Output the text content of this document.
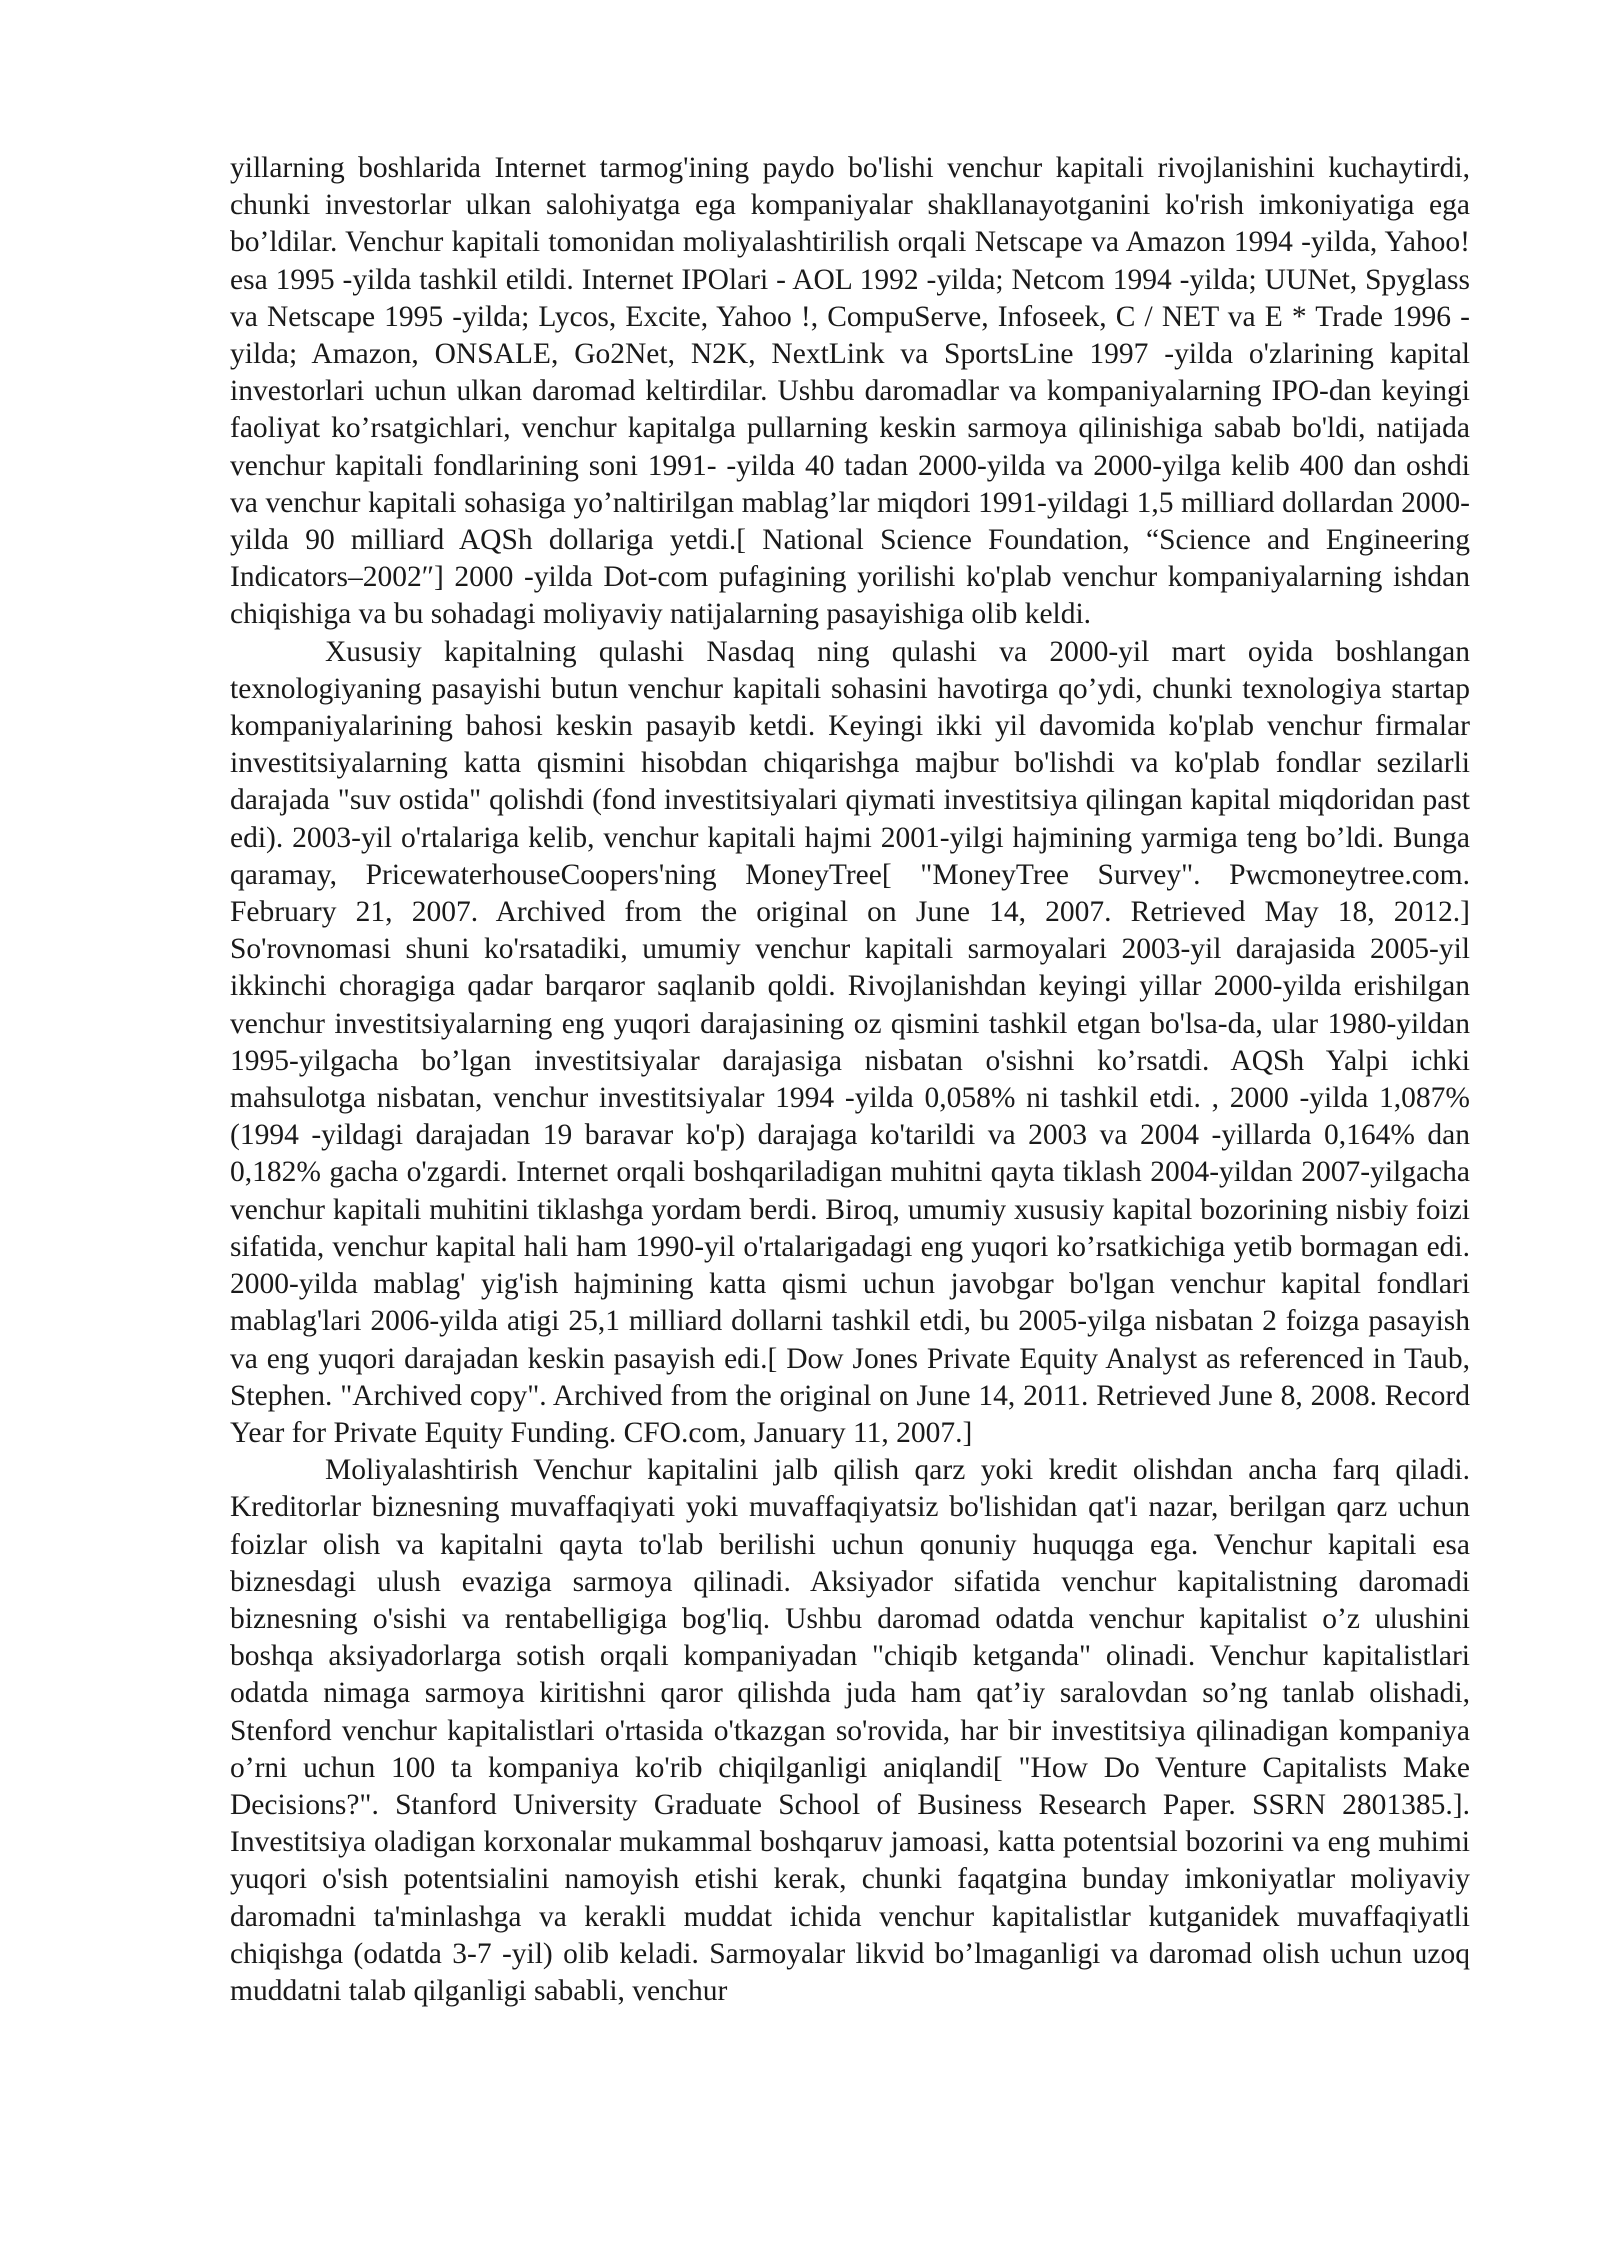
yillarning boshlarida Internet tarmog'ining paydo bo'lishi venchur kapitali rivojlanishini kuchaytirdi, chunki investorlar ulkan salohiyatga ega kompaniyalar shakllanayotganini ko'rish imkoniyatiga ega bo’ldilar. Venchur kapitali tomonidan moliyalashtirilish orqali Netscape va Amazon 1994 -yilda, Yahoo! esa 1995 -yilda tashkil etildi. Internet IPOlari - AOL 1992 -yilda; Netcom 1994 -yilda; UUNet, Spyglass va Netscape 1995 -yilda; Lycos, Excite, Yahoo !, CompuServe, Infoseek, C / NET va E * Trade 1996 -yilda; Amazon, ONSALE, Go2Net, N2K, NextLink va SportsLine 1997 -yilda o'zlarining kapital investorlari uchun ulkan daromad keltirdilar. Ushbu daromadlar va kompaniyalarning IPO-dan keyingi faoliyat ko’rsatgichlari, venchur kapitalga pullarning keskin sarmoya qilinishiga sabab bo'ldi, natijada venchur kapitali fondlarining soni 1991- -yilda 40 tadan 2000-yilda va 2000-yilga kelib 400 dan oshdi va venchur kapitali sohasiga yo’naltirilgan mablag’lar miqdori 1991-yildagi 1,5 milliard dollardan 2000-yilda 90 milliard AQSh dollariga yetdi.[ National Science Foundation, “Science and Engineering Indicators–2002″] 2000 -yilda Dot-com pufagining yorilishi ko'plab venchur kompaniyalarning ishdan chiqishiga va bu sohadagi moliyaviy natijalarning pasayishiga olib keldi.

Xususiy kapitalning qulashi Nasdaq ning qulashi va 2000-yil mart oyida boshlangan texnologiyaning pasayishi butun venchur kapitali sohasini havotirga qo’ydi, chunki texnologiya startap kompaniyalarining bahosi keskin pasayib ketdi. Keyingi ikki yil davomida ko'plab venchur firmalar investitsiyalarning katta qismini hisobdan chiqarishga majbur bo'lishdi va ko'plab fondlar sezilarli darajada "suv ostida" qolishdi (fond investitsiyalari qiymati investitsiya qilingan kapital miqdoridan past edi). 2003-yil o'rtalariga kelib, venchur kapitali hajmi 2001-yilgi hajmining yarmiga teng bo’ldi. Bunga qaramay, PricewaterhouseCoopers'ning MoneyTree[ "MoneyTree Survey". Pwcmoneytree.com. February 21, 2007. Archived from the original on June 14, 2007. Retrieved May 18, 2012.] So'rovnomasi shuni ko'rsatadiki, umumiy venchur kapitali sarmoyalari 2003-yil darajasida 2005-yil ikkinchi choragiga qadar barqaror saqlanib qoldi. Rivojlanishdan keyingi yillar 2000-yilda erishilgan venchur investitsiyalarning eng yuqori darajasining oz qismini tashkil etgan bo'lsa-da, ular 1980-yildan 1995-yilgacha bo’lgan investitsiyalar darajasiga nisbatan o'sishni ko’rsatdi. AQSh Yalpi ichki mahsulotga nisbatan, venchur investitsiyalar 1994 -yilda 0,058% ni tashkil etdi. , 2000 -yilda 1,087% (1994 -yildagi darajadan 19 baravar ko'p) darajaga ko'tarildi va 2003 va 2004 -yillarda 0,164% dan 0,182% gacha o'zgardi. Internet orqali boshqariladigan muhitni qayta tiklash 2004-yildan 2007-yilgacha venchur kapitali muhitini tiklashga yordam berdi. Biroq, umumiy xususiy kapital bozorining nisbiy foizi sifatida, venchur kapital hali ham 1990-yil o'rtalarigadagi eng yuqori ko’rsatkichiga yetib bormagan edi. 2000-yilda mablag' yig'ish hajmining katta qismi uchun javobgar bo'lgan venchur kapital fondlari mablag'lari 2006-yilda atigi 25,1 milliard dollarni tashkil etdi, bu 2005-yilga nisbatan 2 foizga pasayish va eng yuqori darajadan keskin pasayish edi.[ Dow Jones Private Equity Analyst as referenced in Taub, Stephen. "Archived copy". Archived from the original on June 14, 2011. Retrieved June 8, 2008. Record Year for Private Equity Funding. CFO.com, January 11, 2007.]

Moliyalashtirish Venchur kapitalini jalb qilish qarz yoki kredit olishdan ancha farq qiladi. Kreditorlar biznesning muvaffaqiyati yoki muvaffaqiyatsiz bo'lishidan qat'i nazar, berilgan qarz uchun foizlar olish va kapitalni qayta to'lab berilishi uchun qonuniy huquqga ega. Venchur kapitali esa biznesdagi ulush evaziga sarmoya qilinadi. Aksiyador sifatida venchur kapitalistning daromadi biznesning o'sishi va rentabelligiga bog'liq. Ushbu daromad odatda venchur kapitalist o’z ulushini boshqa aksiyadorlarga sotish orqali kompaniyadan "chiqib ketganda" olinadi. Venchur kapitalistlari odatda nimaga sarmoya kiritishni qaror qilishda juda ham qat’iy saralovdan so’ng tanlab olishadi, Stenford venchur kapitalistlari o'rtasida o'tkazgan so'rovida, har bir investitsiya qilinadigan kompaniya o’rni uchun 100 ta kompaniya ko'rib chiqilganligi aniqlandi[ "How Do Venture Capitalists Make Decisions?". Stanford University Graduate School of Business Research Paper. SSRN 2801385.]. Investitsiya oladigan korxonalar mukammal boshqaruv jamoasi, katta potentsial bozorini va eng muhimi yuqori o'sish potentsialini namoyish etishi kerak, chunki faqatgina bunday imkoniyatlar moliyaviy daromadni ta'minlashga va kerakli muddat ichida venchur kapitalistlar kutganidek muvaffaqiyatli chiqishga (odatda 3-7 -yil) olib keladi. Sarmoyalar likvid bo’lmaganligi va daromad olish uchun uzoq muddatni talab qilganligi sababli, venchur
